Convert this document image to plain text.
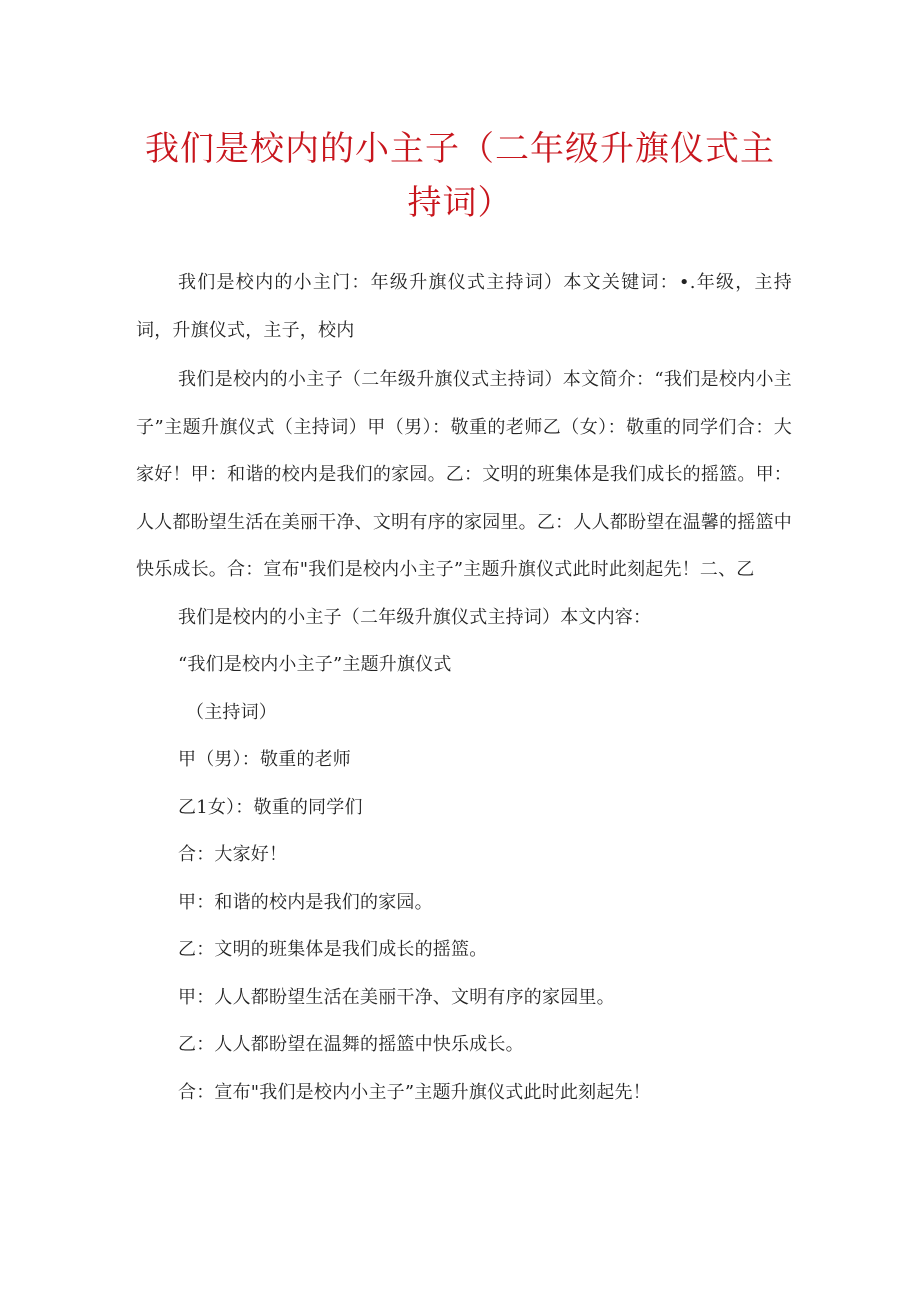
我们是校内的小主子（二年级升旗仪式主持词）

我们是校内的小主门：年级升旗仪式主持词）本文关键词：•.年级，主持词，升旗仪式，主子，校内

我们是校内的小主子（二年级升旗仪式主持词）本文简介：“我们是校内小主子”主题升旗仪式（主持词）甲（男）：敬重的老师乙（女）：敬重的同学们合：大家好！甲：和谐的校内是我们的家园。乙：文明的班集体是我们成长的摇篮。甲：人人都盼望生活在美丽干净、文明有序的家园里。乙：人人都盼望在温馨的摇篮中快乐成长。合：宣布"我们是校内小主子”主题升旗仪式此时此刻起先！二、乙

我们是校内的小主子（二年级升旗仪式主持词）本文内容：

“我们是校内小主子”主题升旗仪式

（主持词）

甲（男）：敬重的老师

乙1女）：敬重的同学们

合：大家好！

甲：和谐的校内是我们的家园。

乙：文明的班集体是我们成长的摇篮。

甲：人人都盼望生活在美丽干净、文明有序的家园里。

乙：人人都盼望在温舞的摇篮中快乐成长。

合：宣布"我们是校内小主子”主题升旗仪式此时此刻起先！
